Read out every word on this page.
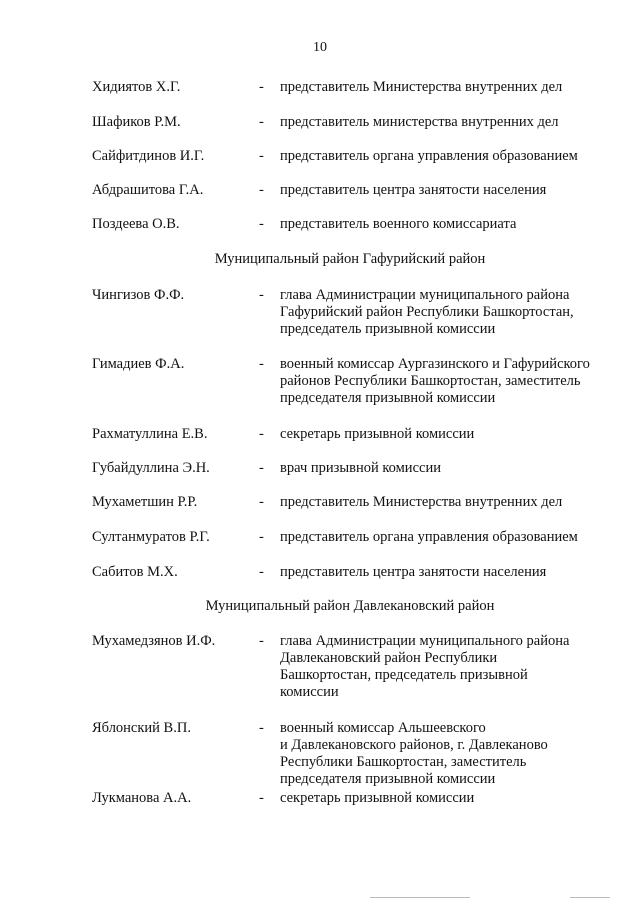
10
Хидиятов Х.Г.	- представитель Министерства внутренних дел
Шафиков Р.М.	- представитель министерства внутренних дел
Сайфитдинов И.Г.	- представитель органа управления образованием
Абдрашитова Г.А.	- представитель центра занятости населения
Поздеева О.В.	- представитель военного комиссариата
Муниципальный район Гафурийский район
Чингизов Ф.Ф.	- глава Администрации муниципального района
Гафурийский район Республики Башкортостан,
председатель призывной комиссии
Гимадиев Ф.А.	- военный комиссар Аургазинского и Гафурийского
районов Республики Башкортостан, заместитель
председателя призывной комиссии
Рахматуллина Е.В.	- секретарь призывной комиссии
Губайдуллина Э.Н.	- врач призывной комиссии
Мухаметшин Р.Р.	- представитель Министерства внутренних дел
Султанмуратов Р.Г.	- представитель органа управления образованием
Сабитов М.Х.	- представитель центра занятости населения
Муниципальный район Давлекановский район
Мухамедзянов И.Ф.	- глава Администрации муниципального района
Давлекановский район Республики
Башкортостан, председатель призывной
комиссии
Яблонский В.П.	- военный комиссар Альшеевского
и Давлекановского районов, г. Давлеканово
Республики Башкортостан, заместитель
председателя призывной комиссии
Лукманова А.А.	- секретарь призывной комиссии
